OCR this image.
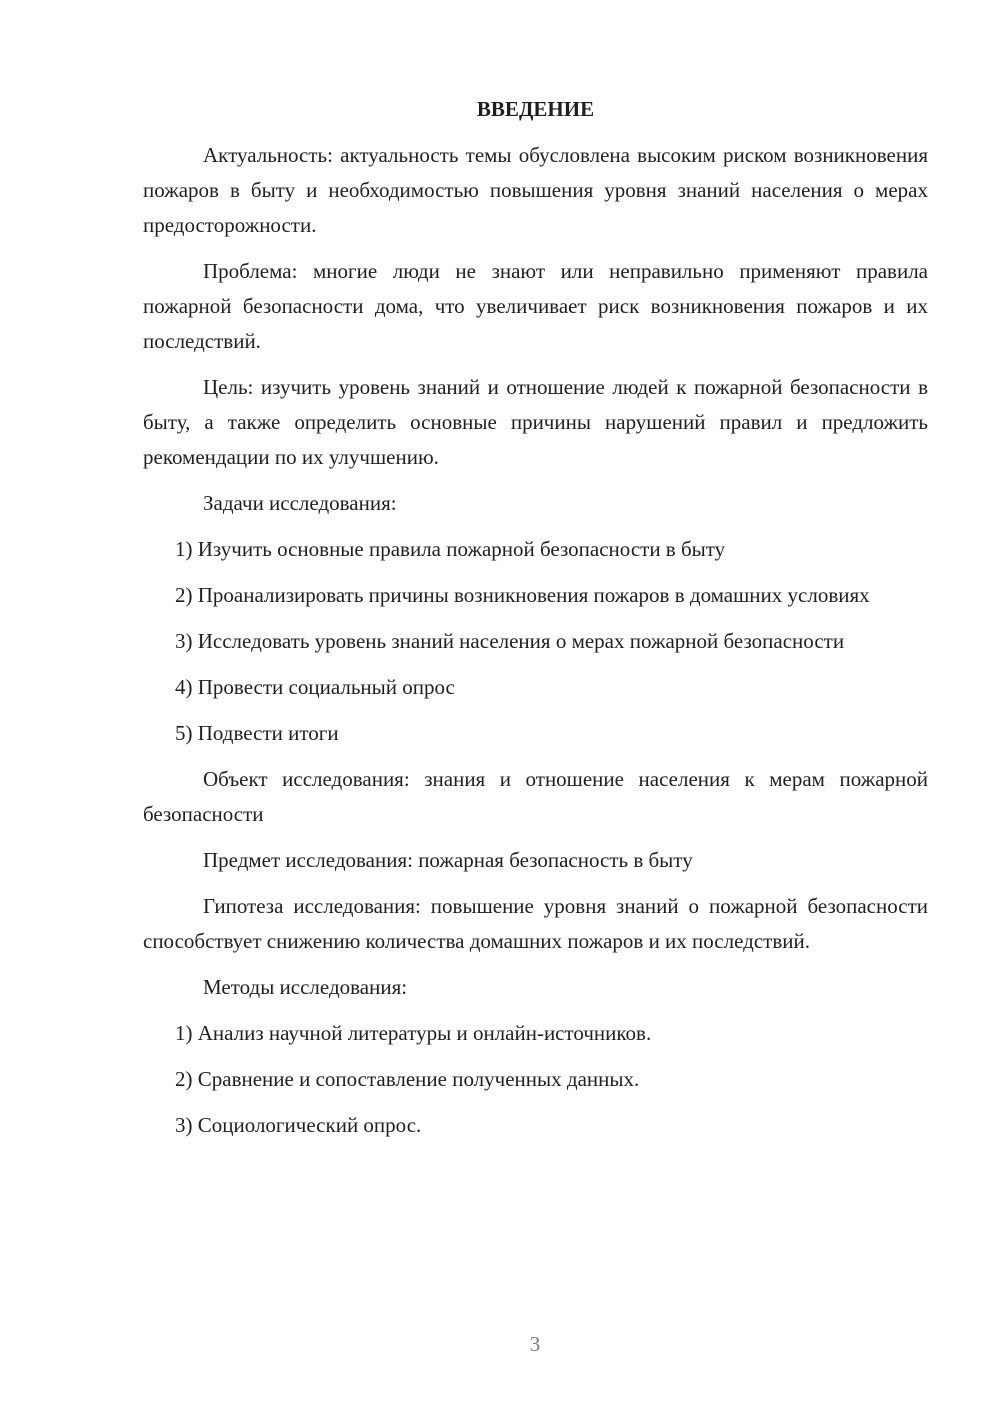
ВВЕДЕНИЕ

Актуальность: актуальность темы обусловлена высоким риском возникновения пожаров в быту и необходимостью повышения уровня знаний населения о мерах предосторожности.

Проблема: многие люди не знают или неправильно применяют правила пожарной безопасности дома, что увеличивает риск возникновения пожаров и их последствий.

Цель: изучить уровень знаний и отношение людей к пожарной безопасности в быту, а также определить основные причины нарушений правил и предложить рекомендации по их улучшению.

Задачи исследования:

1) Изучить основные правила пожарной безопасности в быту

2) Проанализировать причины возникновения пожаров в домашних условиях

3) Исследовать уровень знаний населения о мерах пожарной безопасности

4) Провести социальный опрос

5) Подвести итоги

Объект исследования: знания и отношение населения к мерам пожарной безопасности

Предмет исследования: пожарная безопасность в быту

Гипотеза исследования: повышение уровня знаний о пожарной безопасности способствует снижению количества домашних пожаров и их последствий.

Методы исследования:

1) Анализ научной литературы и онлайн-источников.

2) Сравнение и сопоставление полученных данных.

3) Социологический опрос.

3
